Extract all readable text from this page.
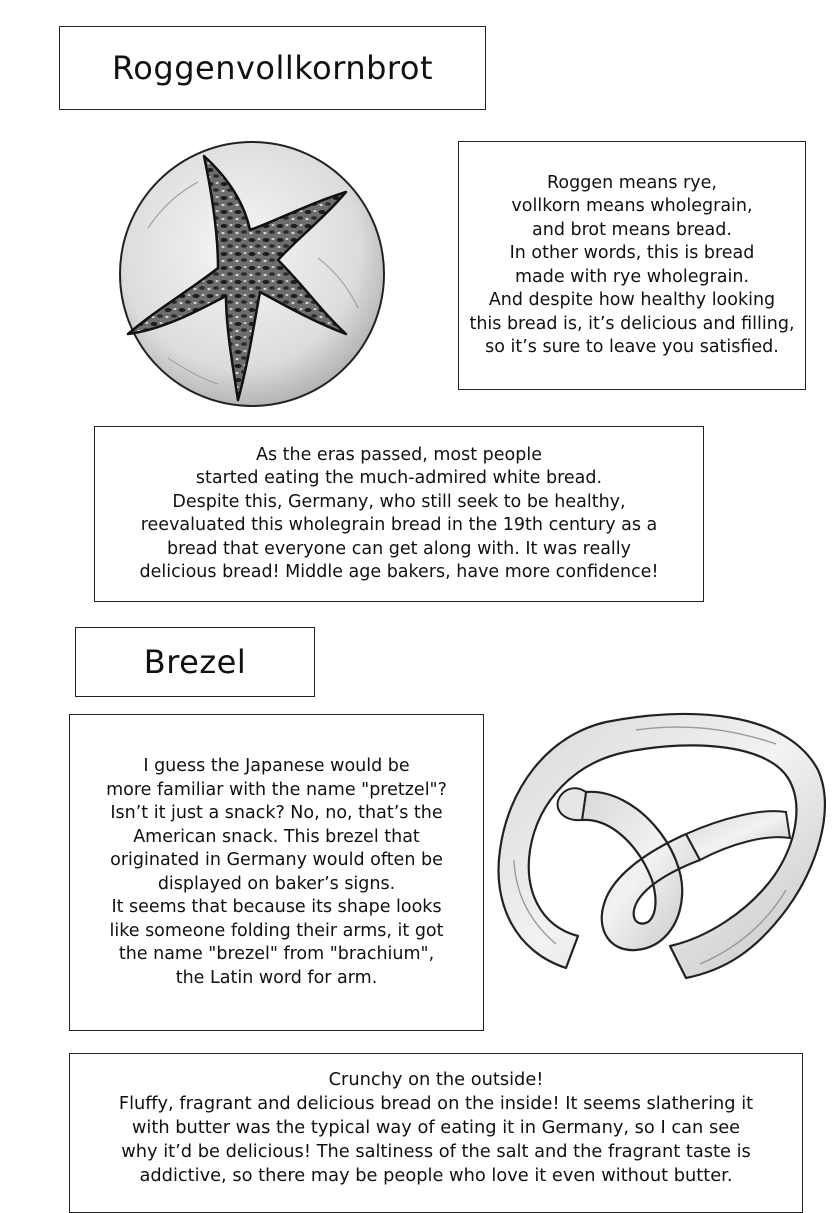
Roggenvollkornbrot
Roggen means rye,
vollkorn means wholegrain,
and brot means bread.
In other words, this is bread
made with rye wholegrain.
And despite how healthy looking
this bread is, it’s delicious and filling,
so it’s sure to leave you satisfied.
As the eras passed, most people
started eating the much-admired white bread.
Despite this, Germany, who still seek to be healthy,
reevaluated this wholegrain bread in the 19th century as a
bread that everyone can get along with. It was really
delicious bread! Middle age bakers, have more confidence!
Brezel
I guess the Japanese would be
more familiar with the name "pretzel"?
Isn’t it just a snack? No, no, that’s the
American snack. This brezel that
originated in Germany would often be
displayed on baker’s signs.
It seems that because its shape looks
like someone folding their arms, it got
the name "brezel" from "brachium",
the Latin word for arm.
Crunchy on the outside!
Fluffy, fragrant and delicious bread on the inside! It seems slathering it
with butter was the typical way of eating it in Germany, so I can see
why it’d be delicious! The saltiness of the salt and the fragrant taste is
addictive, so there may be people who love it even without butter.
